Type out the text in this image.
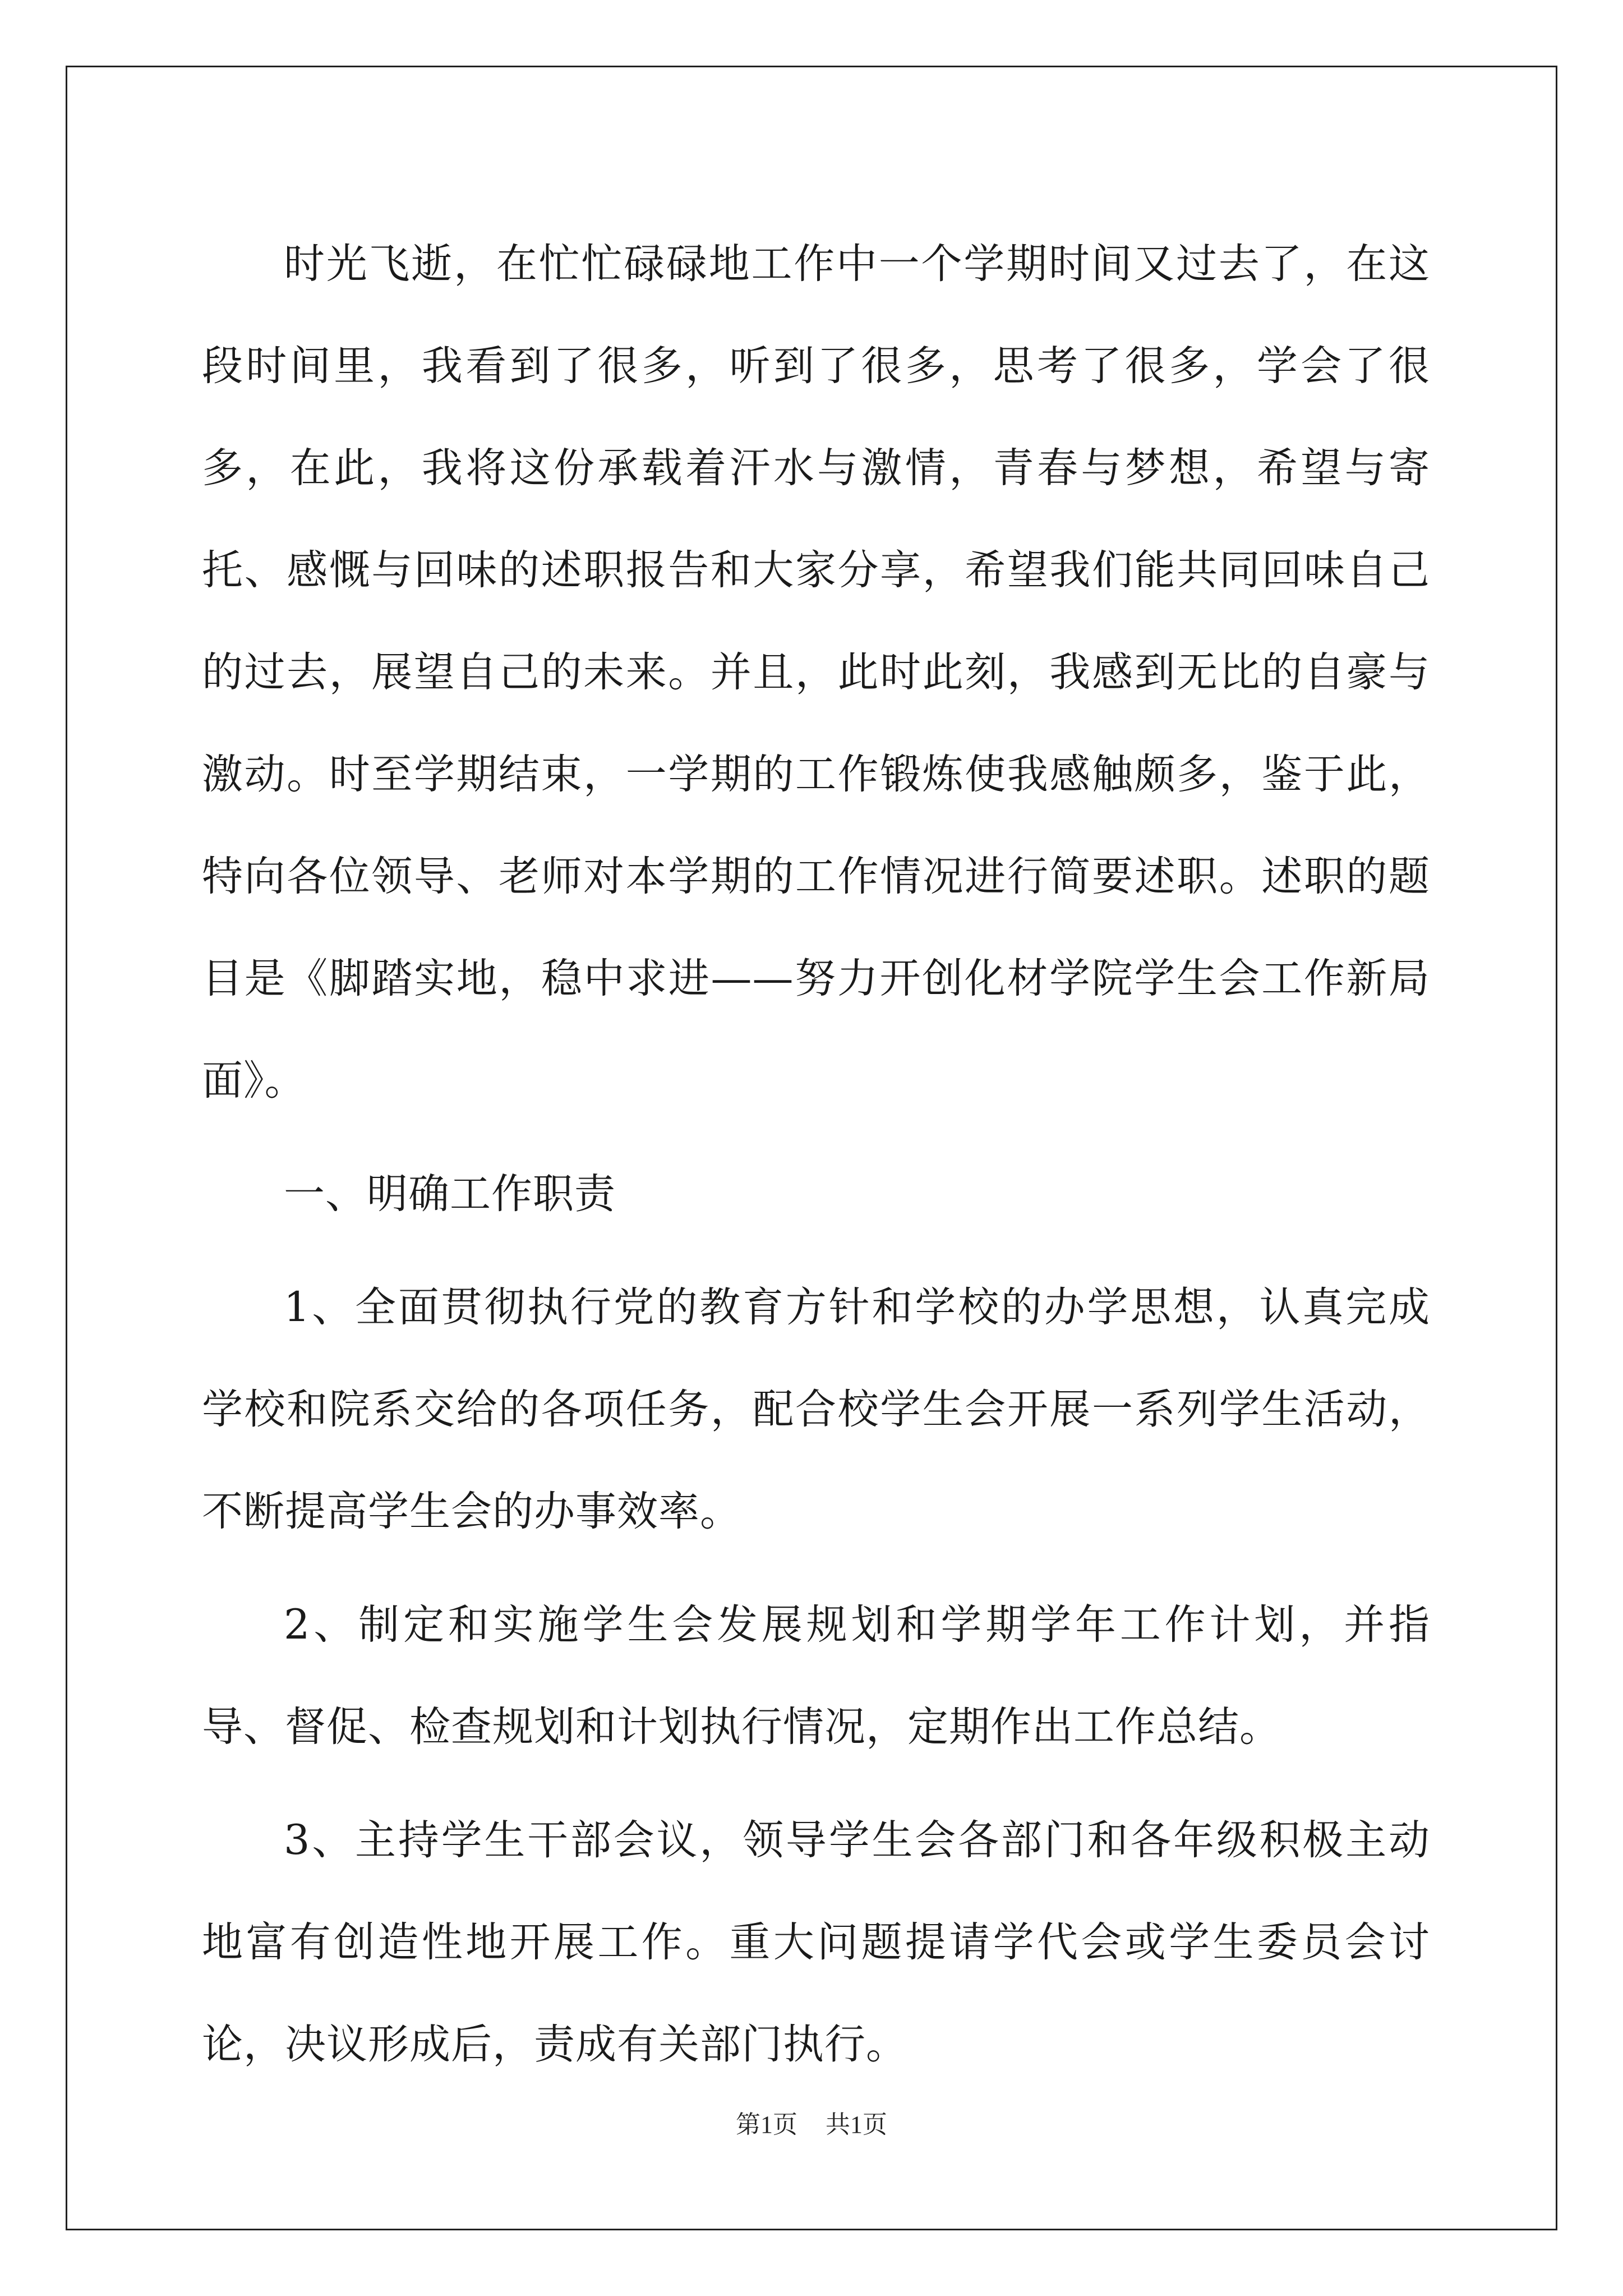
时光飞逝，在忙忙碌碌地工作中一个学期时间又过去了，在这段时间里，我看到了很多，听到了很多，思考了很多，学会了很多，在此，我将这份承载着汗水与激情，青春与梦想，希望与寄托、感慨与回味的述职报告和大家分享，希望我们能共同回味自己的过去，展望自己的未来。并且，此时此刻，我感到无比的自豪与激动。时至学期结束，一学期的工作锻炼使我感触颇多，鉴于此，特向各位领导、老师对本学期的工作情况进行简要述职。述职的题目是《脚踏实地，稳中求进——努力开创化材学院学生会工作新局面》。

一、明确工作职责

1、全面贯彻执行党的教育方针和学校的办学思想，认真完成学校和院系交给的各项任务，配合校学生会开展一系列学生活动，不断提高学生会的办事效率。

2、制定和实施学生会发展规划和学期学年工作计划，并指导、督促、检查规划和计划执行情况，定期作出工作总结。

3、主持学生干部会议，领导学生会各部门和各年级积极主动地富有创造性地开展工作。重大问题提请学代会或学生委员会讨论，决议形成后，责成有关部门执行。

第1页 共1页
